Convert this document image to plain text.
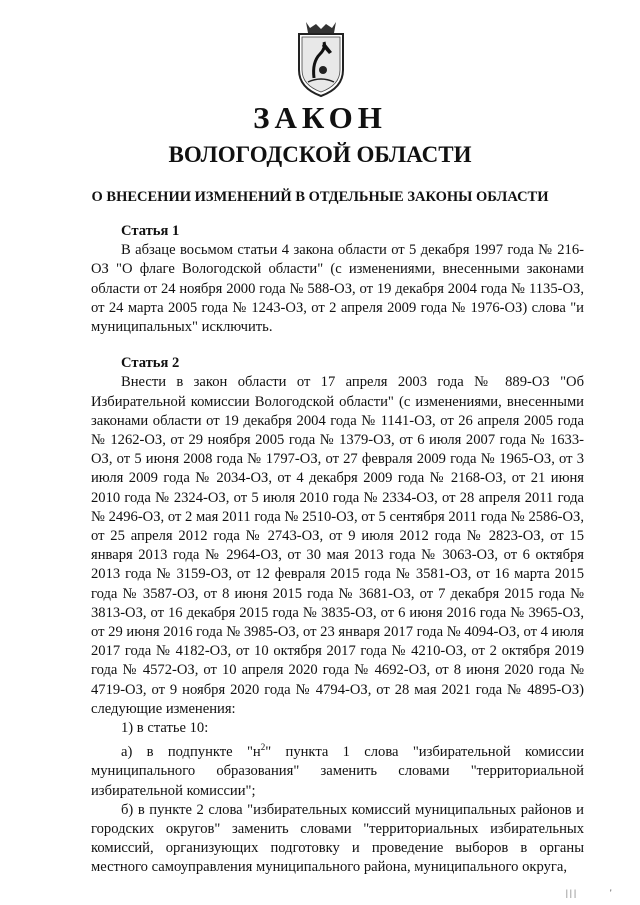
ЗАКОН
ВОЛОГОДСКОЙ ОБЛАСТИ
О ВНЕСЕНИИ ИЗМЕНЕНИЙ В ОТДЕЛЬНЫЕ ЗАКОНЫ ОБЛАСТИ
Статья 1

В абзаце восьмом статьи 4 закона области от 5 декабря 1997 года № 216-ОЗ "О флаге Вологодской области" (с изменениями, внесенными законами области от 24 ноября 2000 года № 588-ОЗ, от 19 декабря 2004 года № 1135-ОЗ, от 24 марта 2005 года № 1243-ОЗ, от 2 апреля 2009 года № 1976-ОЗ) слова "и муниципальных" исключить.

Статья 2

Внести в закон области от 17 апреля 2003 года № 889-ОЗ "Об Избирательной комиссии Вологодской области" (с изменениями, внесенными законами области от 19 декабря 2004 года № 1141-ОЗ, от 26 апреля 2005 года № 1262-ОЗ, от 29 ноября 2005 года № 1379-ОЗ, от 6 июля 2007 года № 1633-ОЗ, от 5 июня 2008 года № 1797-ОЗ, от 27 февраля 2009 года № 1965-ОЗ, от 3 июля 2009 года № 2034-ОЗ, от 4 декабря 2009 года № 2168-ОЗ, от 21 июня 2010 года № 2324-ОЗ, от 5 июля 2010 года № 2334-ОЗ, от 28 апреля 2011 года № 2496-ОЗ, от 2 мая 2011 года № 2510-ОЗ, от 5 сентября 2011 года № 2586-ОЗ, от 25 апреля 2012 года № 2743-ОЗ, от 9 июля 2012 года № 2823-ОЗ, от 15 января 2013 года № 2964-ОЗ, от 30 мая 2013 года № 3063-ОЗ, от 6 октября 2013 года № 3159-ОЗ, от 12 февраля 2015 года № 3581-ОЗ, от 16 марта 2015 года № 3587-ОЗ, от 8 июня 2015 года № 3681-ОЗ, от 7 декабря 2015 года № 3813-ОЗ, от 16 декабря 2015 года № 3835-ОЗ, от 6 июня 2016 года № 3965-ОЗ, от 29 июня 2016 года № 3985-ОЗ, от 23 января 2017 года № 4094-ОЗ, от 4 июля 2017 года № 4182-ОЗ, от 10 октября 2017 года № 4210-ОЗ, от 2 октября 2019 года № 4572-ОЗ, от 10 апреля 2020 года № 4692-ОЗ, от 8 июня 2020 года № 4719-ОЗ, от 9 ноября 2020 года № 4794-ОЗ, от 28 мая 2021 года № 4895-ОЗ) следующие изменения:

1) в статье 10:

а) в подпункте "$н^2$" пункта 1 слова "избирательной комиссии муниципального образования" заменить словами "территориальной избирательной комиссии";

б) в пункте 2 слова "избирательных комиссий муниципальных районов и городских округов" заменить словами "территориальных избирательных комиссий, организующих подготовку и проведение выборов в органы местного самоуправления муниципального района, муниципального округа,

| | |	'
